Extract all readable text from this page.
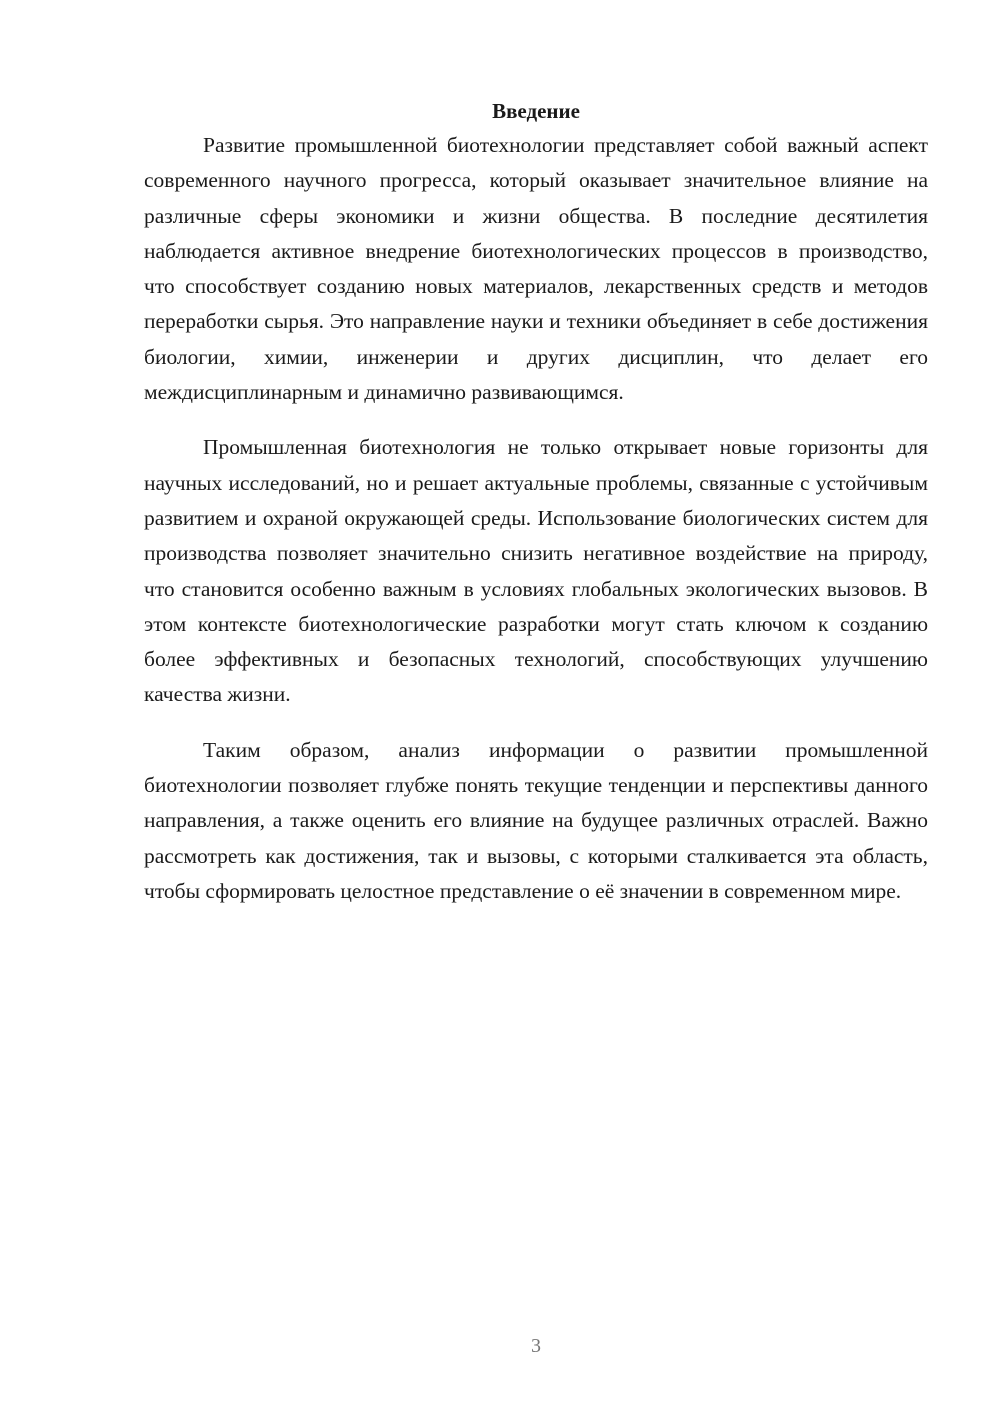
Введение

Развитие промышленной биотехнологии представляет собой важный аспект современного научного прогресса, который оказывает значительное влияние на различные сферы экономики и жизни общества. В последние десятилетия наблюдается активное внедрение биотехнологических процессов в производство, что способствует созданию новых материалов, лекарственных средств и методов переработки сырья. Это направление науки и техники объединяет в себе достижения биологии, химии, инженерии и других дисциплин, что делает его междисциплинарным и динамично развивающимся.

Промышленная биотехнология не только открывает новые горизонты для научных исследований, но и решает актуальные проблемы, связанные с устойчивым развитием и охраной окружающей среды. Использование биологических систем для производства позволяет значительно снизить негативное воздействие на природу, что становится особенно важным в условиях глобальных экологических вызовов. В этом контексте биотехнологические разработки могут стать ключом к созданию более эффективных и безопасных технологий, способствующих улучшению качества жизни.

Таким образом, анализ информации о развитии промышленной биотехнологии позволяет глубже понять текущие тенденции и перспективы данного направления, а также оценить его влияние на будущее различных отраслей. Важно рассмотреть как достижения, так и вызовы, с которыми сталкивается эта область, чтобы сформировать целостное представление о её значении в современном мире.

3
